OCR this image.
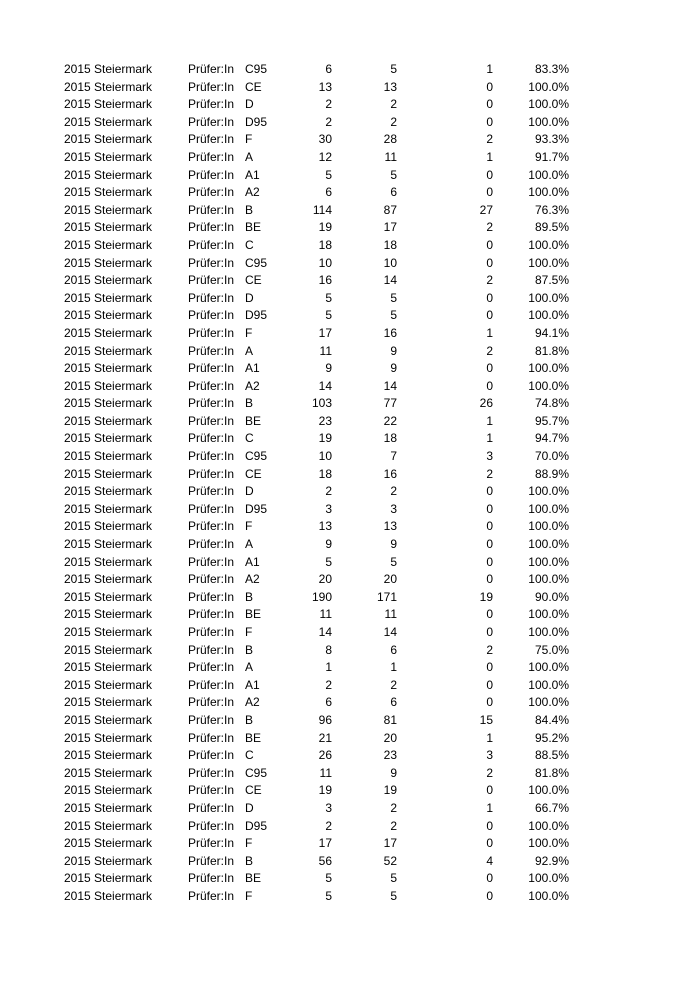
2015 Steiermark	Prüfer:In	C95	6	5	1	83.3%
2015 Steiermark	Prüfer:In	CE	13	13	0	100.0%
2015 Steiermark	Prüfer:In	D	2	2	0	100.0%
2015 Steiermark	Prüfer:In	D95	2	2	0	100.0%
2015 Steiermark	Prüfer:In	F	30	28	2	93.3%
2015 Steiermark	Prüfer:In	A	12	11	1	91.7%
2015 Steiermark	Prüfer:In	A1	5	5	0	100.0%
2015 Steiermark	Prüfer:In	A2	6	6	0	100.0%
2015 Steiermark	Prüfer:In	B	114	87	27	76.3%
2015 Steiermark	Prüfer:In	BE	19	17	2	89.5%
2015 Steiermark	Prüfer:In	C	18	18	0	100.0%
2015 Steiermark	Prüfer:In	C95	10	10	0	100.0%
2015 Steiermark	Prüfer:In	CE	16	14	2	87.5%
2015 Steiermark	Prüfer:In	D	5	5	0	100.0%
2015 Steiermark	Prüfer:In	D95	5	5	0	100.0%
2015 Steiermark	Prüfer:In	F	17	16	1	94.1%
2015 Steiermark	Prüfer:In	A	11	9	2	81.8%
2015 Steiermark	Prüfer:In	A1	9	9	0	100.0%
2015 Steiermark	Prüfer:In	A2	14	14	0	100.0%
2015 Steiermark	Prüfer:In	B	103	77	26	74.8%
2015 Steiermark	Prüfer:In	BE	23	22	1	95.7%
2015 Steiermark	Prüfer:In	C	19	18	1	94.7%
2015 Steiermark	Prüfer:In	C95	10	7	3	70.0%
2015 Steiermark	Prüfer:In	CE	18	16	2	88.9%
2015 Steiermark	Prüfer:In	D	2	2	0	100.0%
2015 Steiermark	Prüfer:In	D95	3	3	0	100.0%
2015 Steiermark	Prüfer:In	F	13	13	0	100.0%
2015 Steiermark	Prüfer:In	A	9	9	0	100.0%
2015 Steiermark	Prüfer:In	A1	5	5	0	100.0%
2015 Steiermark	Prüfer:In	A2	20	20	0	100.0%
2015 Steiermark	Prüfer:In	B	190	171	19	90.0%
2015 Steiermark	Prüfer:In	BE	11	11	0	100.0%
2015 Steiermark	Prüfer:In	F	14	14	0	100.0%
2015 Steiermark	Prüfer:In	B	8	6	2	75.0%
2015 Steiermark	Prüfer:In	A	1	1	0	100.0%
2015 Steiermark	Prüfer:In	A1	2	2	0	100.0%
2015 Steiermark	Prüfer:In	A2	6	6	0	100.0%
2015 Steiermark	Prüfer:In	B	96	81	15	84.4%
2015 Steiermark	Prüfer:In	BE	21	20	1	95.2%
2015 Steiermark	Prüfer:In	C	26	23	3	88.5%
2015 Steiermark	Prüfer:In	C95	11	9	2	81.8%
2015 Steiermark	Prüfer:In	CE	19	19	0	100.0%
2015 Steiermark	Prüfer:In	D	3	2	1	66.7%
2015 Steiermark	Prüfer:In	D95	2	2	0	100.0%
2015 Steiermark	Prüfer:In	F	17	17	0	100.0%
2015 Steiermark	Prüfer:In	B	56	52	4	92.9%
2015 Steiermark	Prüfer:In	BE	5	5	0	100.0%
2015 Steiermark	Prüfer:In	F	5	5	0	100.0%
